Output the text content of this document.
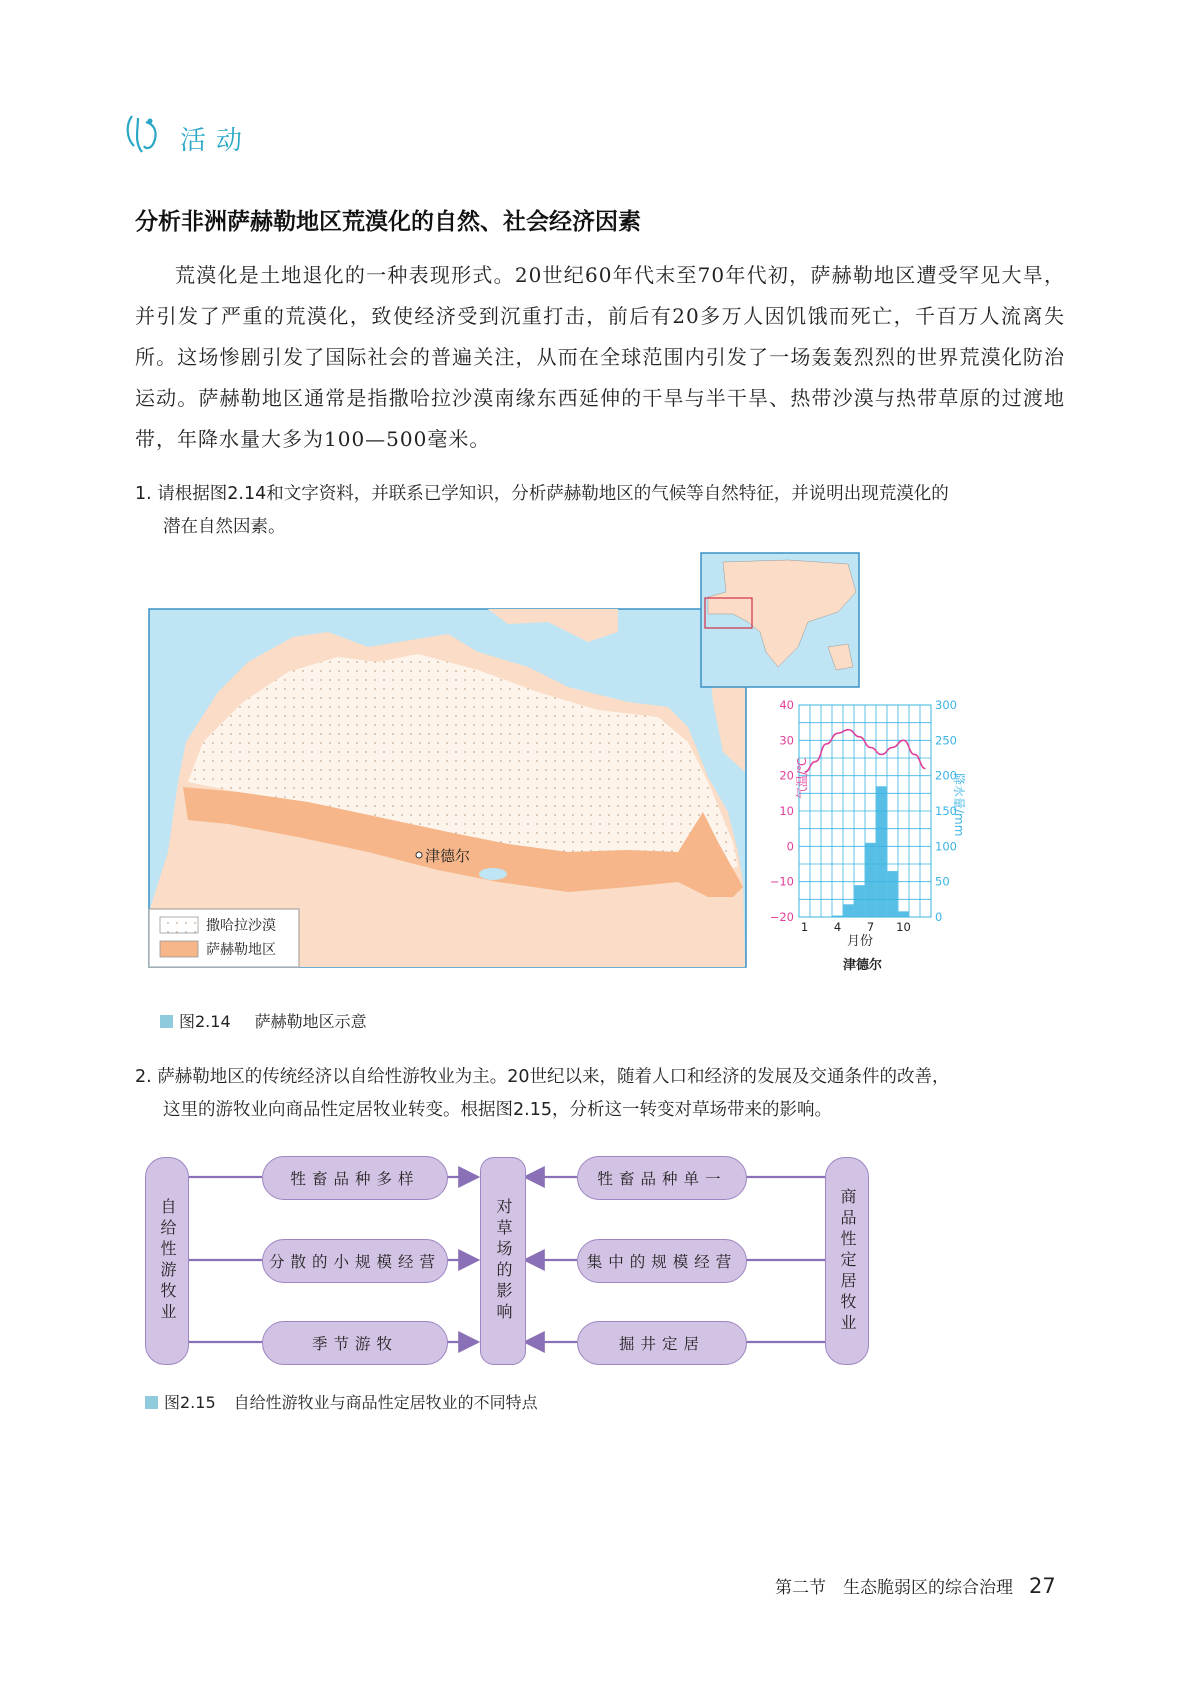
活动
分析非洲萨赫勒地区荒漠化的自然、社会经济因素
荒漠化是土地退化的一种表现形式。20世纪60年代末至70年代初，萨赫勒地区遭受罕见大旱，并引发了严重的荒漠化，致使经济受到沉重打击，前后有20多万人因饥饿而死亡，千百万人流离失所。这场惨剧引发了国际社会的普遍关注，从而在全球范围内引发了一场轰轰烈烈的世界荒漠化防治运动。萨赫勒地区通常是指撒哈拉沙漠南缘东西延伸的干旱与半干旱、热带沙漠与热带草原的过渡地带，年降水量大多为100—500毫米。
1. 请根据图2.14和文字资料，并联系已学知识，分析萨赫勒地区的气候等自然特征，并说明出现荒漠化的
潜在自然因素。
津德尔
撒哈拉沙漠
萨赫勒地区
40
30
20
10
0
−10
−20
300
250
200
150
100
50
0
1 4 7 10
气温/℃	降水量/mm
月份
津德尔
图2.14 萨赫勒地区示意
2. 萨赫勒地区的传统经济以自给性游牧业为主。20世纪以来，随着人口和经济的发展及交通条件的改善，
这里的游牧业向商品性定居牧业转变。根据图2.15，分析这一转变对草场带来的影响。
自给性游牧业
牲畜品种多样
分散的小规模经营
季节游牧
对草场的影响
牲畜品种单一
集中的规模经营
掘井定居
商品性定居牧业
图2.15 自给性游牧业与商品性定居牧业的不同特点
第二节　生态脆弱区的综合治理 27
